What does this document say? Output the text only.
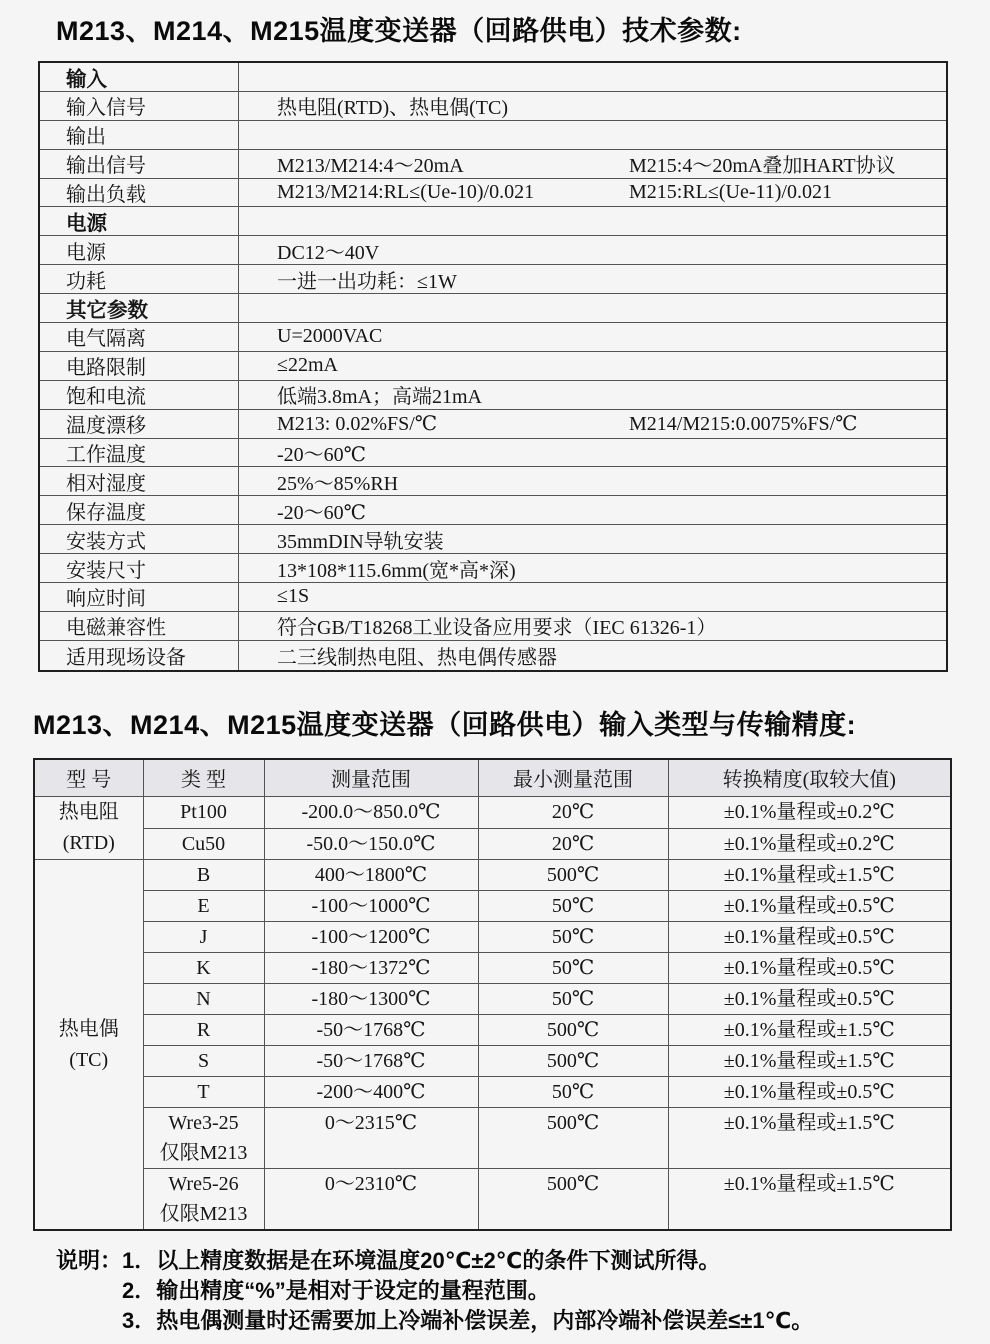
M213、M214、M215温度变送器（回路供电）技术参数:
输入
输入信号	热电阻(RTD)、热电偶(TC)
输出
输出信号	M213/M214:4～20mA	M215:4～20mA叠加HART协议
输出负载	M213/M214:RL≤(Ue-10)/0.021	M215:RL≤(Ue-11)/0.021
电源
电源	DC12～40V
功耗	一进一出功耗：≤1W
其它参数
电气隔离	U=2000VAC
电路限制	≤22mA
饱和电流	低端3.8mA；高端21mA
温度漂移	M213: 0.02%FS/℃	M214/M215:0.0075%FS/℃
工作温度	-20～60℃
相对湿度	25%～85%RH
保存温度	-20～60℃
安装方式	35mmDIN导轨安装
安装尺寸	13*108*115.6mm(宽*高*深)
响应时间	≤1S
电磁兼容性	符合GB/T18268工业设备应用要求（IEC 61326-1）
适用现场设备	二三线制热电阻、热电偶传感器
M213、M214、M215温度变送器（回路供电）输入类型与传输精度:
型 号	类 型	测量范围	最小测量范围	转换精度(取较大值)

热电阻
(RTD)	Pt100	-200.0～850.0℃	20℃	±0.1%量程或±0.2℃
	Cu50	-50.0～150.0℃	20℃	±0.1%量程或±0.2℃

热电偶
(TC)	B	400～1800℃	500℃	±0.1%量程或±1.5℃
	E	-100～1000℃	50℃	±0.1%量程或±0.5℃
	J	-100～1200℃	50℃	±0.1%量程或±0.5℃
	K	-180～1372℃	50℃	±0.1%量程或±0.5℃
	N	-180～1300℃	50℃	±0.1%量程或±0.5℃
	R	-50～1768℃	500℃	±0.1%量程或±1.5℃
	S	-50～1768℃	500℃	±0.1%量程或±1.5℃
	T	-200～400℃	50℃	±0.1%量程或±0.5℃

	Wre3-25
仅限M213	0～2315℃	500℃	±0.1%量程或±1.5℃

	Wre5-26
仅限M213	0～2310℃	500℃	±0.1%量程或±1.5℃
说明：1．以上精度数据是在环境温度20℃±2℃的条件下测试所得。
2．输出精度“%”是相对于设定的量程范围。
3．热电偶测量时还需要加上冷端补偿误差，内部冷端补偿误差≤±1℃。
